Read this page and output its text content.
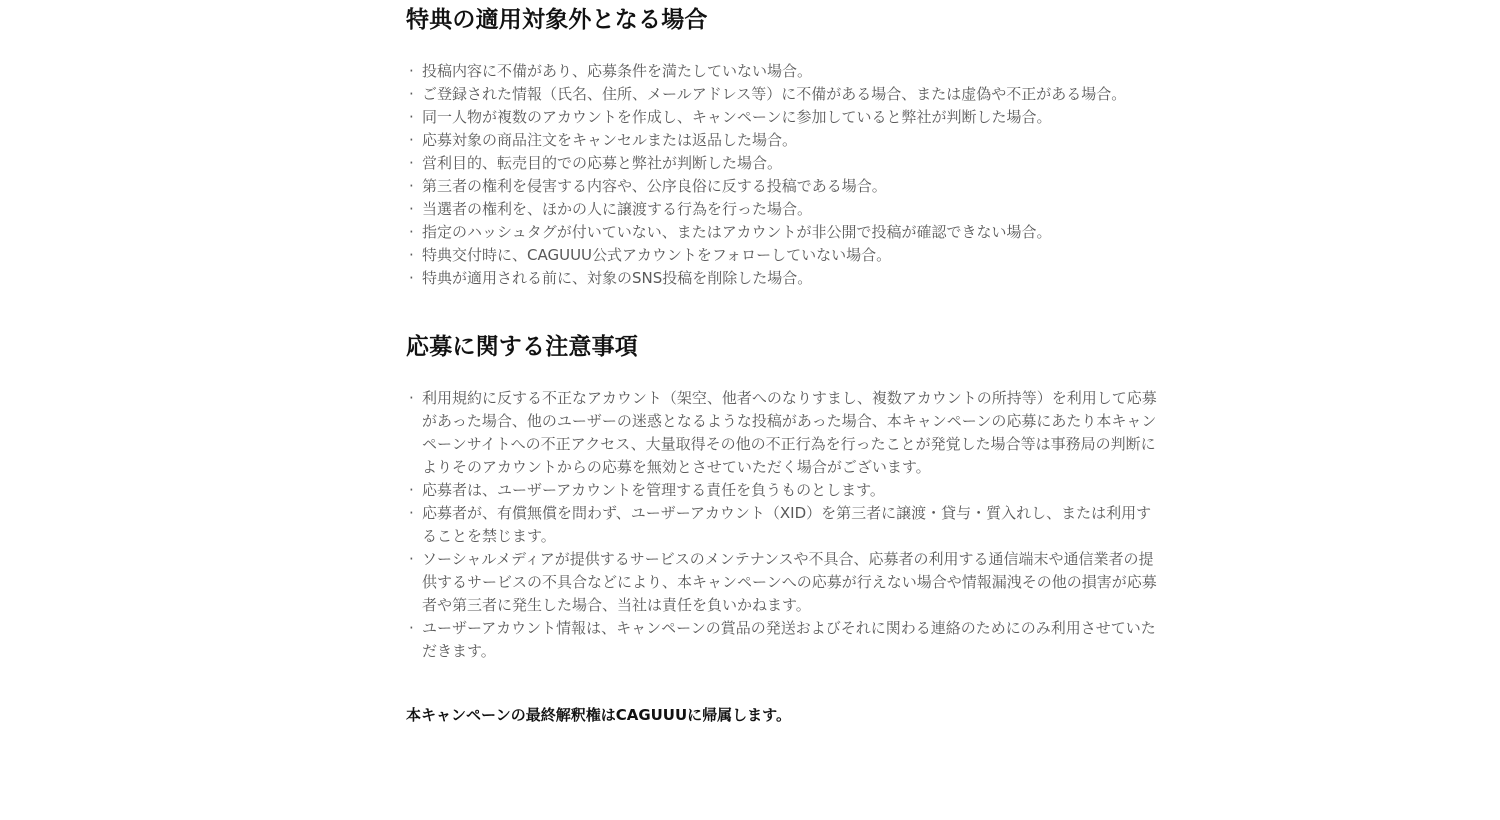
特典の適用対象外となる場合
· 投稿内容に不備があり、応募条件を満たしていない場合。
· ご登録された情報（氏名、住所、メールアドレス等）に不備がある場合、または虚偽や不正がある場合。
· 同一人物が複数のアカウントを作成し、キャンペーンに参加していると弊社が判断した場合。
· 応募対象の商品注文をキャンセルまたは返品した場合。
· 営利目的、転売目的での応募と弊社が判断した場合。
· 第三者の権利を侵害する内容や、公序良俗に反する投稿である場合。
· 当選者の権利を、ほかの人に譲渡する行為を行った場合。
· 指定のハッシュタグが付いていない、またはアカウントが非公開で投稿が確認できない場合。
· 特典交付時に、CAGUUU公式アカウントをフォローしていない場合。
· 特典が適用される前に、対象のSNS投稿を削除した場合。
応募に関する注意事項
· 利用規約に反する不正なアカウント（架空、他者へのなりすまし、複数アカウントの所持等）を利用して応募があった場合、他のユーザーの迷惑となるような投稿があった場合、本キャンペーンの応募にあたり本キャンペーンサイトへの不正アクセス、大量取得その他の不正行為を行ったことが発覚した場合等は事務局の判断によりそのアカウントからの応募を無効とさせていただく場合がございます。
· 応募者は、ユーザーアカウントを管理する責任を負うものとします。
· 応募者が、有償無償を問わず、ユーザーアカウント（XID）を第三者に譲渡・貸与・質入れし、または利用することを禁じます。
· ソーシャルメディアが提供するサービスのメンテナンスや不具合、応募者の利用する通信端末や通信業者の提供するサービスの不具合などにより、本キャンペーンへの応募が行えない場合や情報漏洩その他の損害が応募者や第三者に発生した場合、当社は責任を負いかねます。
· ユーザーアカウント情報は、キャンペーンの賞品の発送およびそれに関わる連絡のためにのみ利用させていただきます。

本キャンペーンの最終解釈権はCAGUUUに帰属します。
